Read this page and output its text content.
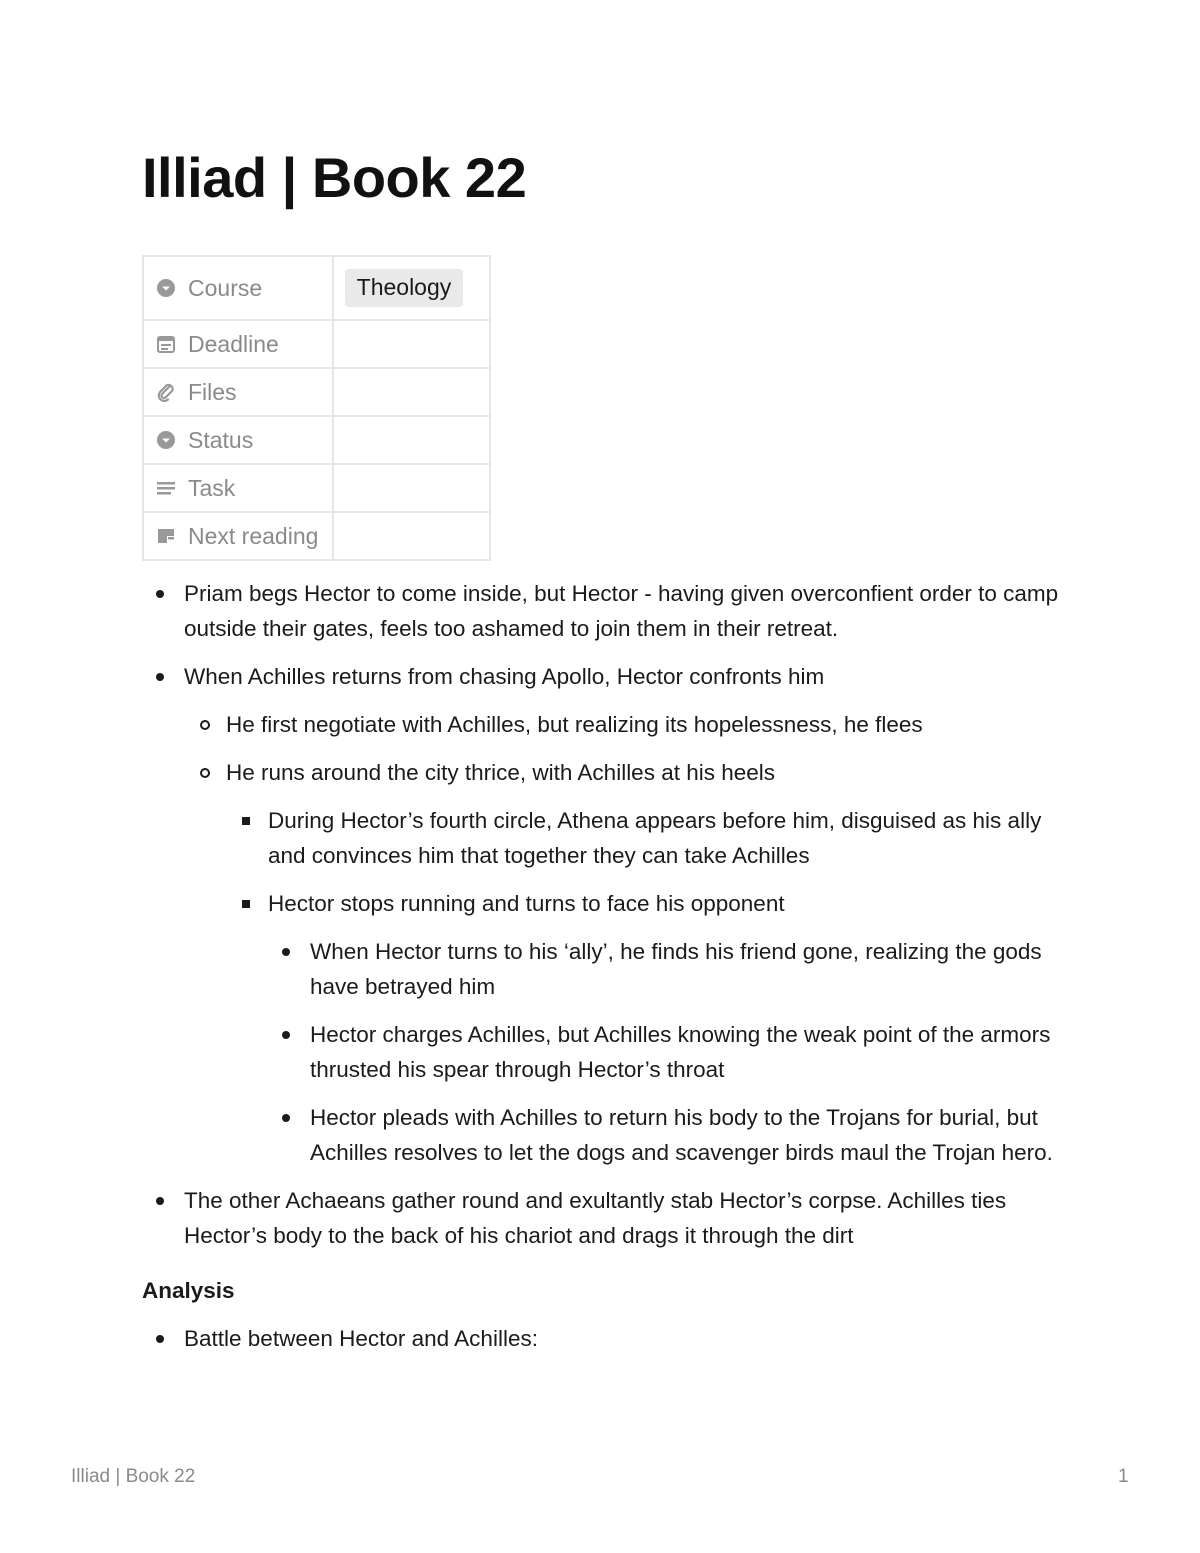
Illiad | Book 22
Course	Theology

Deadline	

Files	

Status	

Task	

Next reading	

Priam begs Hector to come inside, but Hector - having given overconfient order to camp outside their gates, feels too ashamed to join them in their retreat.
When Achilles returns from chasing Apollo, Hector confronts him
He first negotiate with Achilles, but realizing its hopelessness, he flees
He runs around the city thrice, with Achilles at his heels
During Hector’s fourth circle, Athena appears before him, disguised as his ally and convinces him that together they can take Achilles
Hector stops running and turns to face his opponent
When Hector turns to his ‘ally’, he finds his friend gone, realizing the gods have betrayed him
Hector charges Achilles, but Achilles knowing the weak point of the armors thrusted his spear through Hector’s throat
Hector pleads with Achilles to return his body to the Trojans for burial, but Achilles resolves to let the dogs and scavenger birds maul the Trojan hero.
The other Achaeans gather round and exultantly stab Hector’s corpse. Achilles ties Hector’s body to the back of his chariot and drags it through the dirt
Analysis
Battle between Hector and Achilles:
Illiad | Book 22	1
